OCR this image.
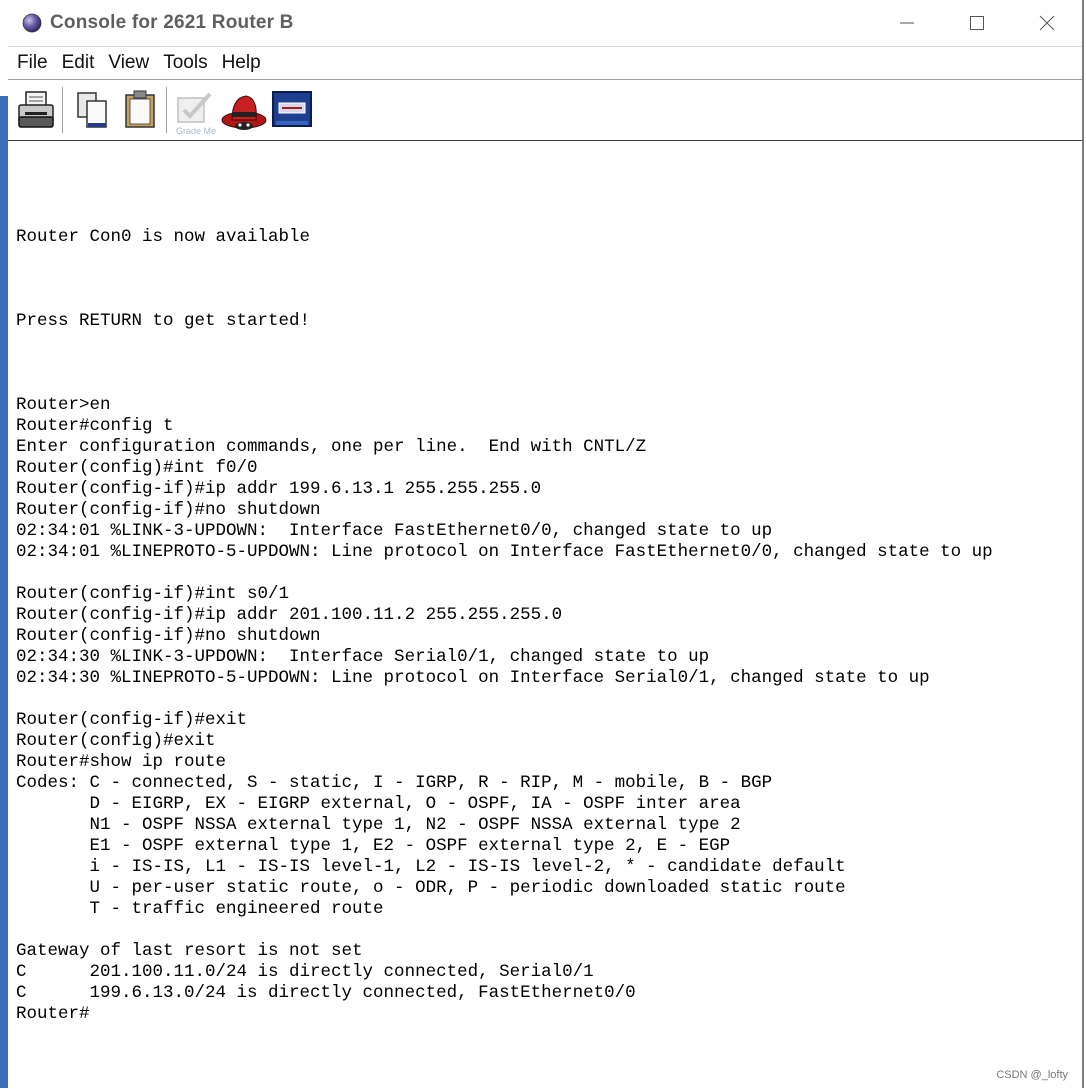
Console for 2621 Router B
File Edit View Tools Help
Grade Me

Router Con0 is now available

Press RETURN to get started!

Router>en
Router#config t
Enter configuration commands, one per line.  End with CNTL/Z
Router(config)#int f0/0
Router(config-if)#ip addr 199.6.13.1 255.255.255.0
Router(config-if)#no shutdown
02:34:01 %LINK-3-UPDOWN:  Interface FastEthernet0/0, changed state to up
02:34:01 %LINEPROTO-5-UPDOWN: Line protocol on Interface FastEthernet0/0, changed state to up

Router(config-if)#int s0/1
Router(config-if)#ip addr 201.100.11.2 255.255.255.0
Router(config-if)#no shutdown
02:34:30 %LINK-3-UPDOWN:  Interface Serial0/1, changed state to up
02:34:30 %LINEPROTO-5-UPDOWN: Line protocol on Interface Serial0/1, changed state to up

Router(config-if)#exit
Router(config)#exit
Router#show ip route
Codes: C - connected, S - static, I - IGRP, R - RIP, M - mobile, B - BGP
D - EIGRP, EX - EIGRP external, O - OSPF, IA - OSPF inter area
N1 - OSPF NSSA external type 1, N2 - OSPF NSSA external type 2
E1 - OSPF external type 1, E2 - OSPF external type 2, E - EGP
i - IS-IS, L1 - IS-IS level-1, L2 - IS-IS level-2, * - candidate default
U - per-user static route, o - ODR, P - periodic downloaded static route
T - traffic engineered route

Gateway of last resort is not set
C      201.100.11.0/24 is directly connected, Serial0/1
C      199.6.13.0/24 is directly connected, FastEthernet0/0
Router#
CSDN @_lofty
